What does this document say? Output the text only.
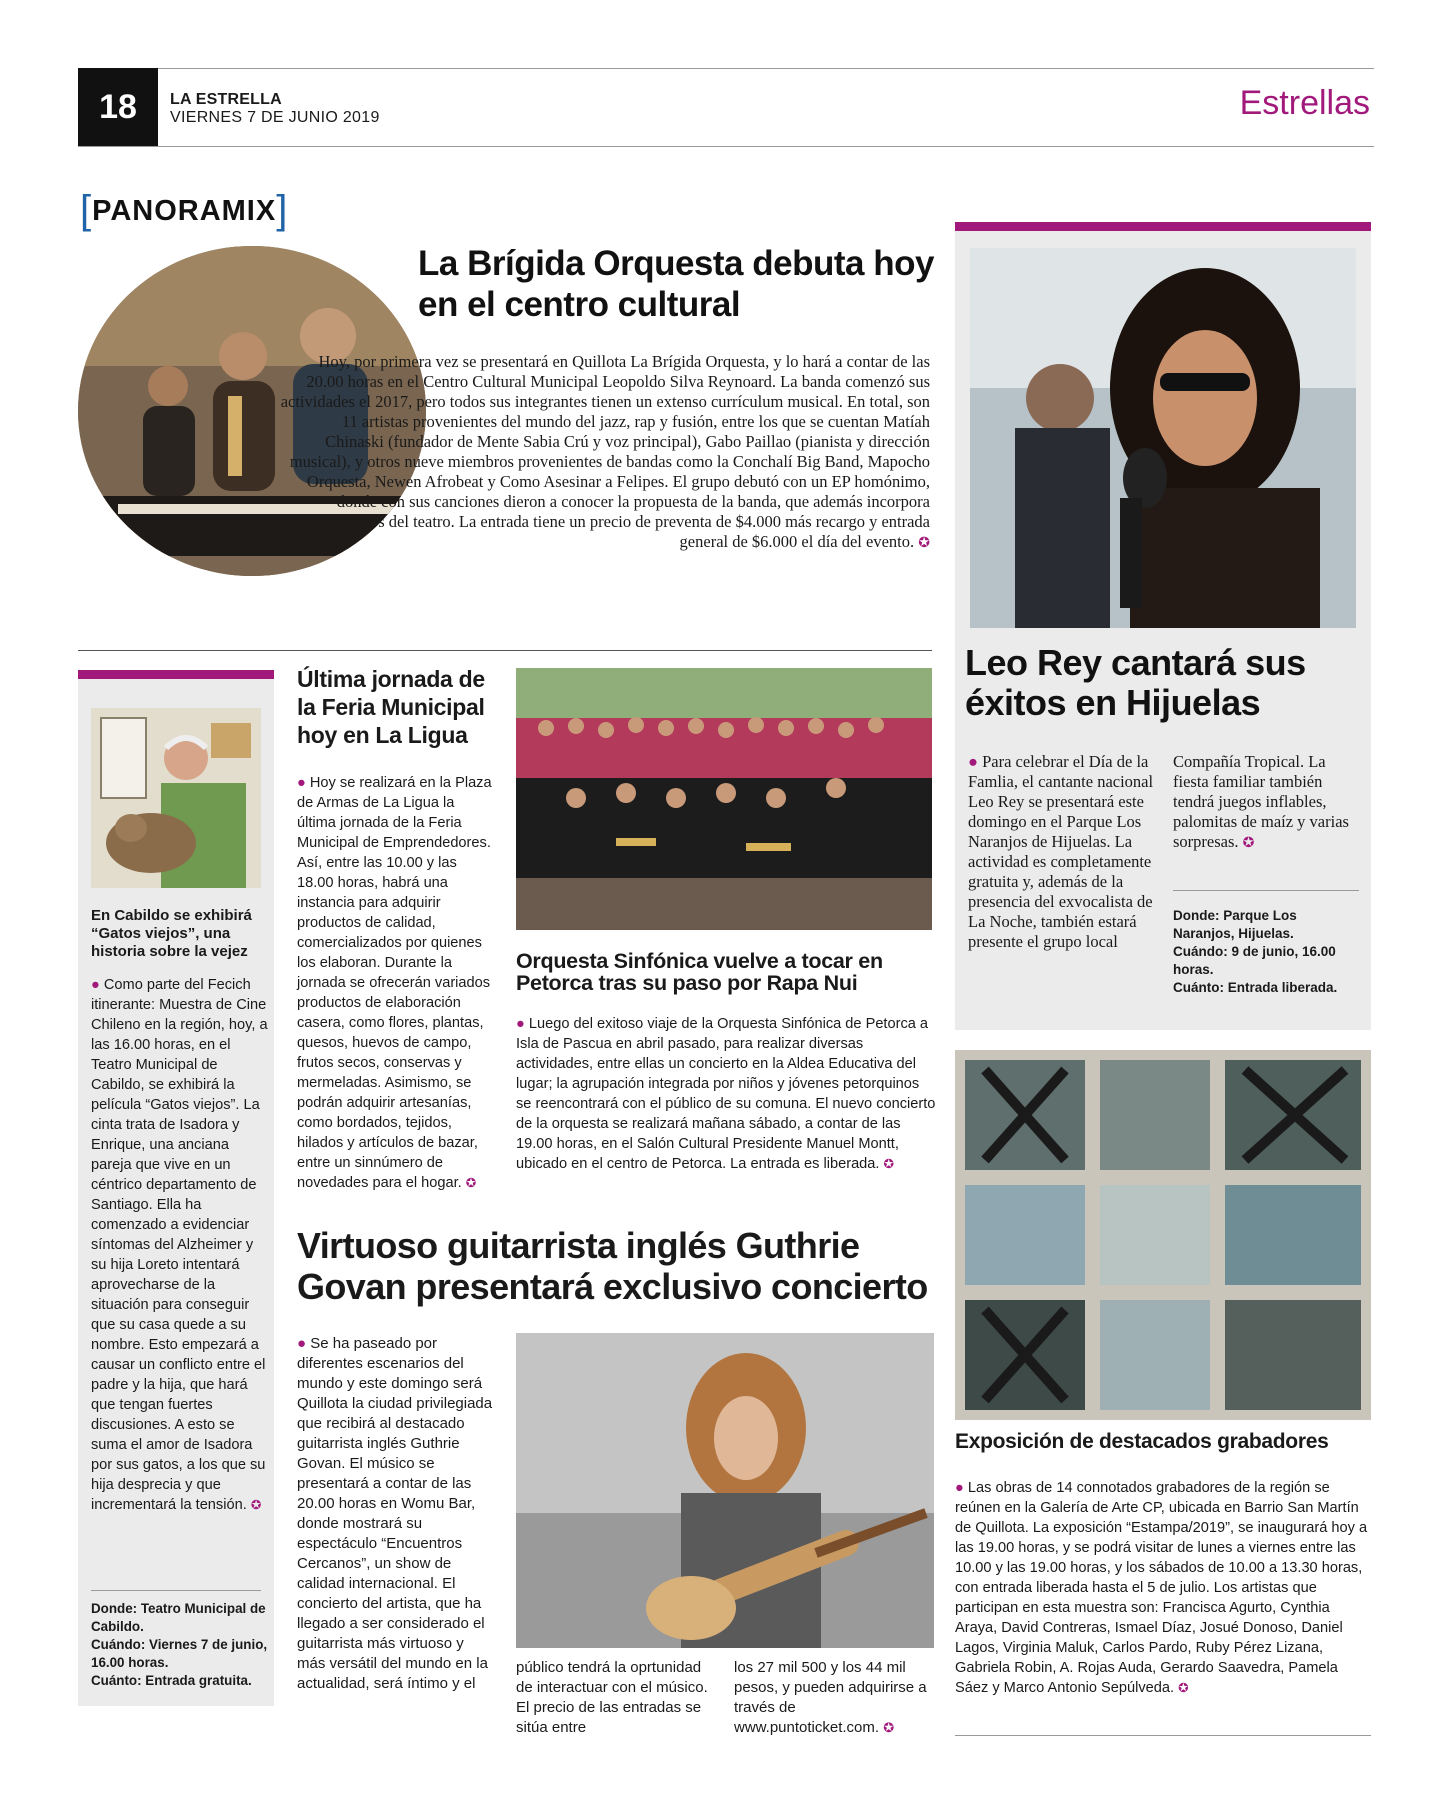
18	LA ESTRELLA
VIERNES 7 DE JUNIO 2019	Estrellas
[PANORAMIX]
La Brígida Orquesta debuta hoy en el centro cultural
Hoy, por primera vez se presentará en Quillota La Brígida Orquesta, y lo hará a contar de las 20.00 horas en el Centro Cultural Municipal Leopoldo Silva Reynoard. La banda comenzó sus actividades el 2017, pero todos sus integrantes tienen un extenso currículum musical. En total, son 11 artistas provenientes del mundo del jazz, rap y fusión, entre los que se cuentan Matíah Chinaski (fundador de Mente Sabia Crú y voz principal), Gabo Paillao (pianista y dirección musical), y otros nueve miembros provenientes de bandas como la Conchalí Big Band, Mapocho Orquesta, Newen Afrobeat y Como Asesinar a Felipes. El grupo debutó con un EP homónimo, donde con sus canciones dieron a conocer la propuesta de la banda, que además incorpora elementos del teatro. La entrada tiene un precio de preventa de $4.000 más recargo y entrada general de $6.000 el día del evento. ✪
Leo Rey cantará sus éxitos en Hijuelas
● Para celebrar el Día de la Famlia, el cantante nacional Leo Rey se presentará este domingo en el Parque Los Naranjos de Hijuelas. La actividad es completamente gratuita y, además de la presencia del exvocalista de La Noche, también estará presente el grupo local
Compañía Tropical. La fiesta familiar también tendrá juegos inflables, palomitas de maíz y varias sorpresas. ✪
Donde: Parque Los Naranjos, Hijuelas.
Cuándo: 9 de junio, 16.00 horas.
Cuánto: Entrada liberada.
Exposición de destacados grabadores
● Las obras de 14 connotados grabadores de la región se reúnen en la Galería de Arte CP, ubicada en Barrio San Martín de Quillota. La exposición “Estampa/2019”, se inaugurará hoy a las 19.00 horas, y se podrá visitar de lunes a viernes entre las 10.00 y las 19.00 horas, y los sábados de 10.00 a 13.30 horas, con entrada liberada hasta el 5 de julio. Los artistas que participan en esta muestra son: Francisca Agurto, Cynthia Araya, David Contreras, Ismael Díaz, Josué Donoso, Daniel Lagos, Virginia Maluk, Carlos Pardo, Ruby Pérez Lizana, Gabriela Robin, A. Rojas Auda, Gerardo Saavedra, Pamela Sáez y Marco Antonio Sepúlveda. ✪
En Cabildo se exhibirá “Gatos viejos”, una historia sobre la vejez
● Como parte del Fecich itinerante: Muestra de Cine Chileno en la región, hoy, a las 16.00 horas, en el Teatro Municipal de Cabildo, se exhibirá la película “Gatos viejos”. La cinta trata de Isadora y Enrique, una anciana pareja que vive en un céntrico departamento de Santiago. Ella ha comenzado a evidenciar síntomas del Alzheimer y su hija Loreto intentará aprovecharse de la situación para conseguir que su casa quede a su nombre. Esto empezará a causar un conflicto entre el padre y la hija, que hará que tengan fuertes discusiones. A esto se suma el amor de Isadora por sus gatos, a los que su hija desprecia y que incrementará la tensión. ✪
Donde: Teatro Municipal de Cabildo.
Cuándo: Viernes 7 de junio, 16.00 horas.
Cuánto: Entrada gratuita.
Última jornada de la Feria Municipal hoy en La Ligua
● Hoy se realizará en la Plaza de Armas de La Ligua la última jornada de la Feria Municipal de Emprendedores. Así, entre las 10.00 y las 18.00 horas, habrá una instancia para adquirir productos de calidad, comercializados por quienes los elaboran. Durante la jornada se ofrecerán variados productos de elaboración casera, como flores, plantas, quesos, huevos de campo, frutos secos, conservas y mermeladas. Asimismo, se podrán adquirir artesanías, como bordados, tejidos, hilados y artículos de bazar, entre un sinnúmero de novedades para el hogar. ✪
Orquesta Sinfónica vuelve a tocar en Petorca tras su paso por Rapa Nui
● Luego del exitoso viaje de la Orquesta Sinfónica de Petorca a Isla de Pascua en abril pasado, para realizar diversas actividades, entre ellas un concierto en la Aldea Educativa del lugar; la agrupación integrada por niños y jóvenes petorquinos se reencontrará con el público de su comuna. El nuevo concierto de la orquesta se realizará mañana sábado, a contar de las 19.00 horas, en el Salón Cultural Presidente Manuel Montt, ubicado en el centro de Petorca. La entrada es liberada. ✪
Virtuoso guitarrista inglés Guthrie Govan presentará exclusivo concierto
● Se ha paseado por diferentes escenarios del mundo y este domingo será Quillota la ciudad privilegiada que recibirá al destacado guitarrista inglés Guthrie Govan. El músico se presentará a contar de las 20.00 horas en Womu Bar, donde mostrará su espectáculo “Encuentros Cercanos”, un show de calidad internacional. El concierto del artista, que ha llegado a ser considerado el guitarrista más virtuoso y más versátil del mundo en la actualidad, será íntimo y el
público tendrá la oprtunidad de interactuar con el músico. El precio de las entradas se sitúa entre
los 27 mil 500 y los 44 mil pesos, y pueden adquirirse a través de www.puntoticket.com. ✪
